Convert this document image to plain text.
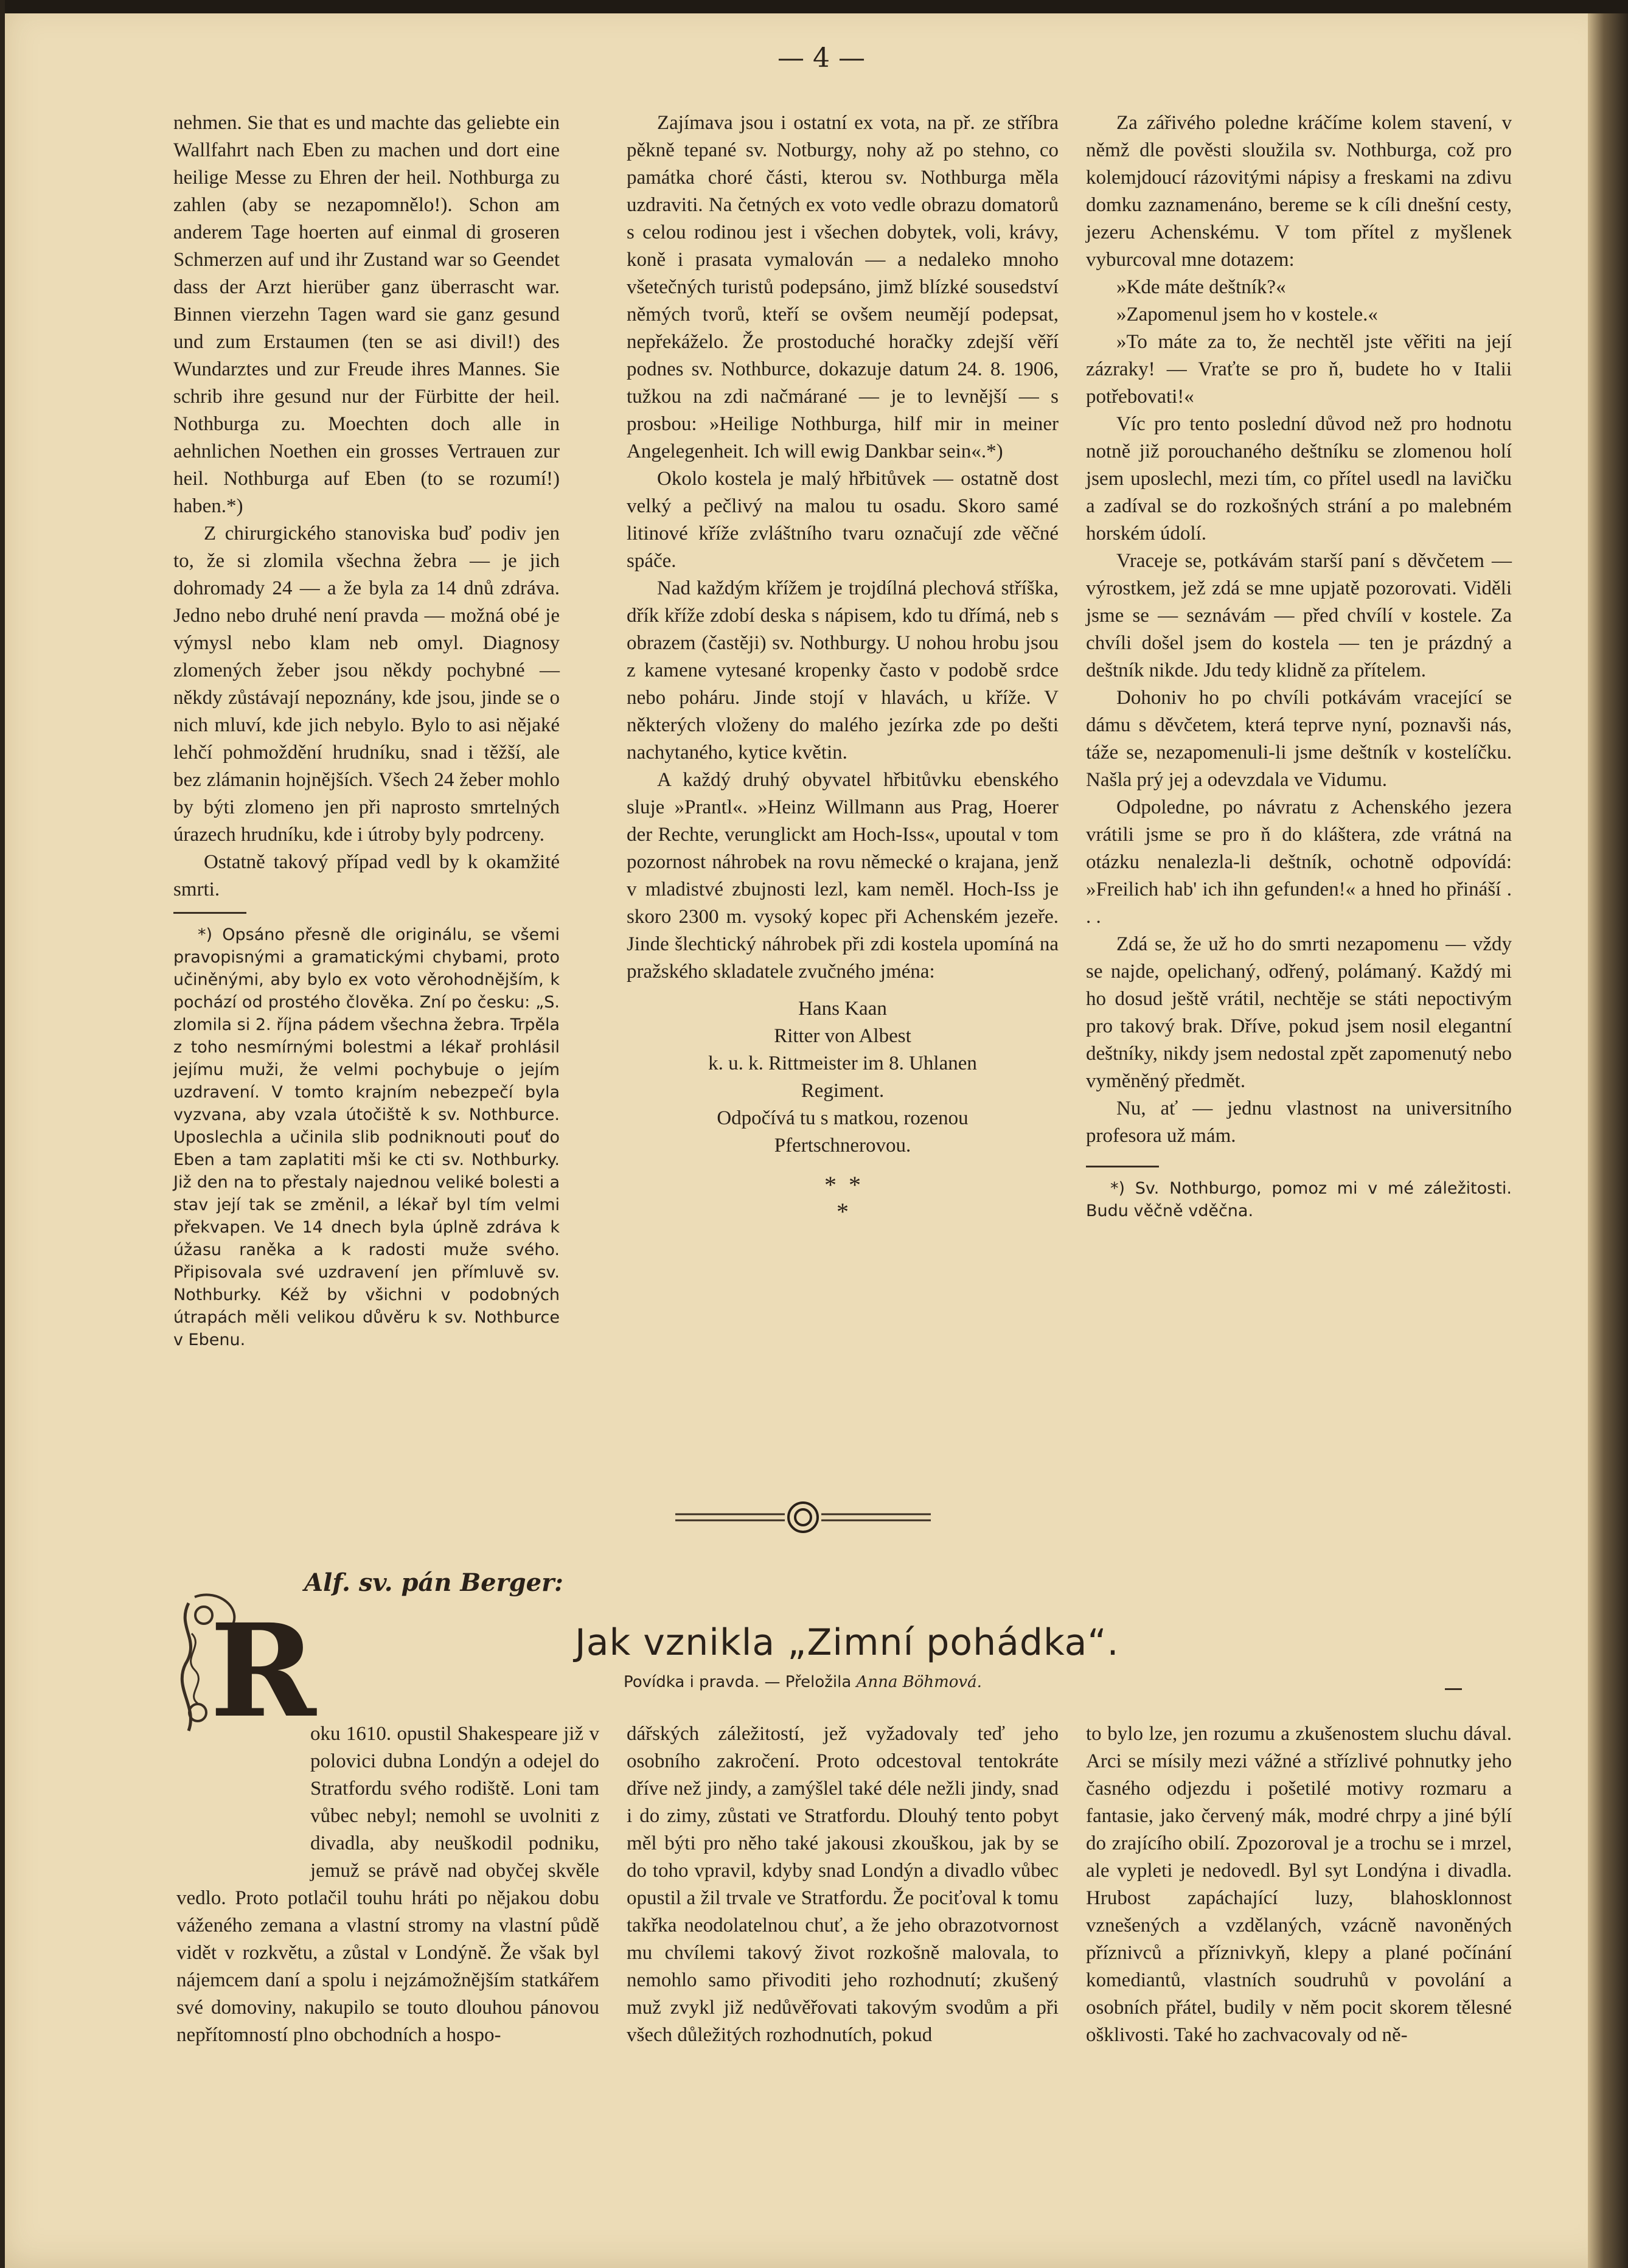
— 4 —

nehmen. Sie that es und machte das geliebte ein Wallfahrt nach Eben zu machen und dort eine heilige Messe zu Ehren der heil. Nothburga zu zahlen (aby se nezapomnělo!). Schon am anderem Tage hoerten auf einmal di groseren Schmerzen auf und ihr Zustand war so Geendet dass der Arzt hierüber ganz überrascht war. Binnen vierzehn Tagen ward sie ganz gesund und zum Erstaumen (ten se asi divil!) des Wundarztes und zur Freude ihres Mannes. Sie schrib ihre gesund nur der Fürbitte der heil. Nothburga zu. Moechten doch alle in aehnlichen Noethen ein grosses Vertrauen zur heil. Nothburga auf Eben (to se rozumí!) haben.*)

Z chirurgického stanoviska buď podiv jen to, že si zlomila všechna žebra — je jich dohromady 24 — a že byla za 14 dnů zdráva. Jedno nebo druhé není pravda — možná obé je výmysl nebo klam neb omyl. Diagnosy zlomených žeber jsou někdy pochybné — někdy zůstávají nepoznány, kde jsou, jinde se o nich mluví, kde jich nebylo. Bylo to asi nějaké lehčí pohmoždění hrudníku, snad i těžší, ale bez zlámanin hojnějších. Všech 24 žeber mohlo by býti zlomeno jen při naprosto smrtelných úrazech hrudníku, kde i útroby byly podrceny.

Ostatně takový případ vedl by k okamžité smrti.

*) Opsáno přesně dle originálu, se všemi pravopisnými a gramatickými chybami, proto učiněnými, aby bylo ex voto věrohodnějším, k pochází od prostého člověka. Zní po česku: „S. zlomila si 2. října pádem všechna žebra. Trpěla z toho nesmírnými bolestmi a lékař prohlásil jejímu muži, že velmi pochybuje o jejím uzdravení. V tomto krajním nebezpečí byla vyzvana, aby vzala útočiště k sv. Nothburce. Uposlechla a učinila slib podniknouti pouť do Eben a tam zaplatiti mši ke cti sv. Nothburky. Již den na to přestaly najednou veliké bolesti a stav její tak se změnil, a lékař byl tím velmi překvapen. Ve 14 dnech byla úplně zdráva k úžasu raněka a k radosti muže svého. Připisovala své uzdravení jen přímluvě sv. Nothburky. Kéž by všichni v podobných útrapách měli velikou důvěru k sv. Nothburce v Ebenu.

Zajímava jsou i ostatní ex vota, na př. ze stříbra pěkně tepané sv. Notburgy, nohy až po stehno, co památka choré části, kterou sv. Nothburga měla uzdraviti. Na četných ex voto vedle obrazu domatorů s celou rodinou jest i všechen dobytek, voli, krávy, koně i prasata vymalován — a nedaleko mnoho všetečných turistů podepsáno, jimž blízké sousedství němých tvorů, kteří se ovšem neumějí podepsat, nepřekáželo. Že prostoduché horačky zdejší věří podnes sv. Nothburce, dokazuje datum 24. 8. 1906, tužkou na zdi načmárané — je to levnější — s prosbou: »Heilige Nothburga, hilf mir in meiner Angelegenheit. Ich will ewig Dankbar sein«.*)

Okolo kostela je malý hřbitůvek — ostatně dost velký a pečlivý na malou tu osadu. Skoro samé litinové kříže zvláštního tvaru označují zde věčné spáče.

Nad každým křížem je trojdílná plechová stříška, dřík kříže zdobí deska s nápisem, kdo tu dřímá, neb s obrazem (častěji) sv. Nothburgy. U nohou hrobu jsou z kamene vytesané kropenky často v podobě srdce nebo poháru. Jinde stojí v hlavách, u kříže. V některých vloženy do malého jezírka zde po dešti nachytaného, kytice květin.

A každý druhý obyvatel hřbitůvku ebenského sluje »Prantl«. »Heinz Willmann aus Prag, Hoerer der Rechte, verunglickt am Hoch-Iss«, upoutal v tom pozornost náhrobek na rovu německé o krajana, jenž v mladistvé zbujnosti lezl, kam neměl. Hoch-Iss je skoro 2300 m. vysoký kopec při Achenském jezeře. Jinde šlechtický náhrobek při zdi kostela upomíná na pražského skladatele zvučného jména:

Hans Kaan

Ritter von Albest

k. u. k. Rittmeister im 8. Uhlanen

Regiment.

Odpočívá tu s matkou, rozenou

Pfertschnerovou.

*  *
*

Za zářivého poledne kráčíme kolem stavení, v němž dle pověsti sloužila sv. Nothburga, což pro kolemjdoucí rázovitými nápisy a freskami na zdivu domku zaznamenáno, bereme se k cíli dnešní cesty, jezeru Achenskému. V tom přítel z myšlenek vyburcoval mne dotazem:

»Kde máte deštník?«

»Zapomenul jsem ho v kostele.«

»To máte za to, že nechtěl jste věřiti na její zázraky! — Vraťte se pro ň, budete ho v Italii potřebovati!«

Víc pro tento poslední důvod než pro hodnotu notně již porouchaného deštníku se zlomenou holí jsem uposlechl, mezi tím, co přítel usedl na lavičku a zadíval se do rozkošných strání a po malebném horském údolí.

Vraceje se, potkávám starší paní s děvčetem — výrostkem, jež zdá se mne upjatě pozorovati. Viděli jsme se — seznávám — před chvílí v kostele. Za chvíli došel jsem do kostela — ten je prázdný a deštník nikde. Jdu tedy klidně za přítelem.

Dohoniv ho po chvíli potkávám vracející se dámu s děvčetem, která teprve nyní, poznavši nás, táže se, nezapomenuli-li jsme deštník v kostelíčku. Našla prý jej a odevzdala ve Vidumu.

Odpoledne, po návratu z Achenského jezera vrátili jsme se pro ň do kláštera, zde vrátná na otázku nenalezla-li deštník, ochotně odpovídá: »Freilich hab' ich ihn gefunden!« a hned ho přináší . . .

Zdá se, že už ho do smrti nezapomenu — vždy se najde, opelichaný, odřený, polámaný. Každý mi ho dosud ještě vrátil, nechtěje se státi nepoctivým pro takový brak. Dříve, pokud jsem nosil elegantní deštníky, nikdy jsem nedostal zpět zapomenutý nebo vyměněný předmět.

Nu, ať — jednu vlastnost na universitního profesora už mám.

*) Sv. Nothburgo, pomoz mi v mé záležitosti. Budu věčně vděčna.

Alf. sv. pán Berger:
Jak vznikla „Zimní pohádka“.
Povídka i pravda. — Přeložila Anna Böhmová.
R

oku 1610. opustil Shakespeare již v polovici dubna Londýn a odejel do Stratfordu svého rodiště. Loni tam vůbec nebyl; nemohl se uvolniti z divadla, aby neuškodil podniku, jemuž se právě nad obyčej skvěle vedlo. Proto potlačil touhu hráti po nějakou dobu váženého zemana a vlastní stromy na vlastní půdě vidět v rozkvětu, a zůstal v Londýně. Že však byl nájemcem daní a spolu i nejzámožnějším statkářem své domoviny, nakupilo se touto dlouhou pánovou nepřítomností plno obchodních a hospo-

dářských záležitostí, jež vyžadovaly teď jeho osobního zakročení. Proto odcestoval tentokráte dříve než jindy, a zamýšlel také déle nežli jindy, snad i do zimy, zůstati ve Stratfordu. Dlouhý tento pobyt měl býti pro něho také jakousi zkouškou, jak by se do toho vpravil, kdyby snad Londýn a divadlo vůbec opustil a žil trvale ve Stratfordu. Že pociťoval k tomu takřka neodolatelnou chuť, a že jeho obrazotvornost mu chvílemi takový život rozkošně malovala, to nemohlo samo přivoditi jeho rozhodnutí; zkušený muž zvykl již nedůvěřovati takovým svodům a při všech důležitých rozhodnutích, pokud

to bylo lze, jen rozumu a zkušenostem sluchu dával. Arci se mísily mezi vážné a střízlivé pohnutky jeho časného odjezdu i pošetilé motivy rozmaru a fantasie, jako červený mák, modré chrpy a jiné býlí do zrajícího obilí. Zpozoroval je a trochu se i mrzel, ale vypleti je nedovedl. Byl syt Londýna i divadla. Hrubost zapáchající luzy, blahosklonnost vznešených a vzdělaných, vzácně navoněných příznivců a příznivkyň, klepy a plané počínání komediantů, vlastních soudruhů v povolání a osobních přátel, budily v něm pocit skorem tělesné ošklivosti. Také ho zachvacovaly od ně-
